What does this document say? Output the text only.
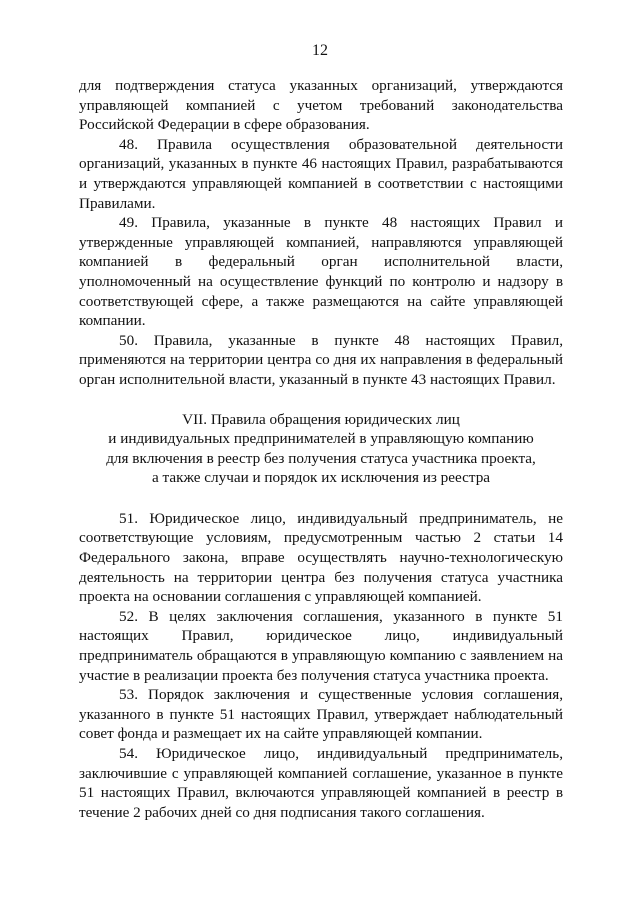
12

для подтверждения статуса указанных организаций, утверждаются управляющей компанией с учетом требований законодательства Российской Федерации в сфере образования.

48. Правила осуществления образовательной деятельности организаций, указанных в пункте 46 настоящих Правил, разрабатываются и утверждаются управляющей компанией в соответствии с настоящими Правилами.

49. Правила, указанные в пункте 48 настоящих Правил и утвержденные управляющей компанией, направляются управляющей компанией в федеральный орган исполнительной власти, уполномоченный на осуществление функций по контролю и надзору в соответствующей сфере, а также размещаются на сайте управляющей компании.

50. Правила, указанные в пункте 48 настоящих Правил, применяются на территории центра со дня их направления в федеральный орган исполнительной власти, указанный в пункте 43 настоящих Правил.

VII. Правила обращения юридических лиц
и индивидуальных предпринимателей в управляющую компанию
для включения в реестр без получения статуса участника проекта,
а также случаи и порядок их исключения из реестра

51. Юридическое лицо, индивидуальный предприниматель, не соответствующие условиям, предусмотренным частью 2 статьи 14 Федерального закона, вправе осуществлять научно-технологическую деятельность на территории центра без получения статуса участника проекта на основании соглашения с управляющей компанией.

52. В целях заключения соглашения, указанного в пункте 51 настоящих Правил, юридическое лицо, индивидуальный предприниматель обращаются в управляющую компанию с заявлением на участие в реализации проекта без получения статуса участника проекта.

53. Порядок заключения и существенные условия соглашения, указанного в пункте 51 настоящих Правил, утверждает наблюдательный совет фонда и размещает их на сайте управляющей компании.

54. Юридическое лицо, индивидуальный предприниматель, заключившие с управляющей компанией соглашение, указанное в пункте 51 настоящих Правил, включаются управляющей компанией в реестр в течение 2 рабочих дней со дня подписания такого соглашения.
